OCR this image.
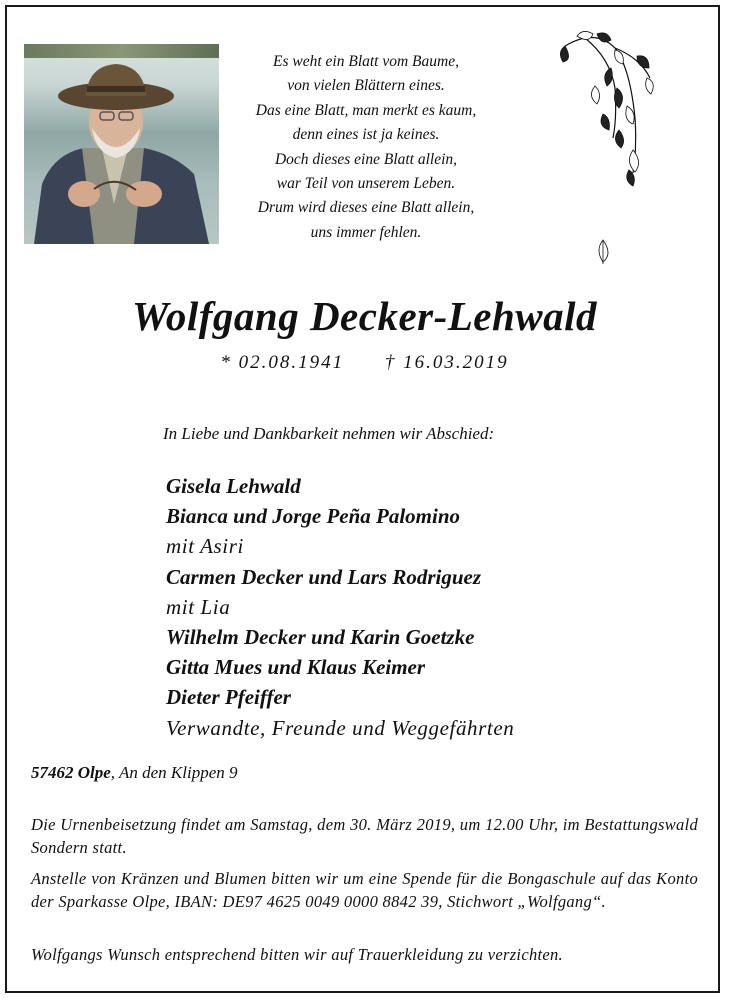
Es weht ein Blatt vom Baume,
von vielen Blättern eines.
Das eine Blatt, man merkt es kaum,
denn eines ist ja keines.
Doch dieses eine Blatt allein,
war Teil von unserem Leben.
Drum wird dieses eine Blatt allein,
uns immer fehlen.
Wolfgang Decker-Lehwald
* 02.08.1941 † 16.03.2019
In Liebe und Dankbarkeit nehmen wir Abschied:
Gisela Lehwald
Bianca und Jorge Peña Palomino
mit Asiri
Carmen Decker und Lars Rodriguez
mit Lia
Wilhelm Decker und Karin Goetzke
Gitta Mues und Klaus Keimer
Dieter Pfeiffer
Verwandte, Freunde und Weggefährten
57462 Olpe, An den Klippen 9
Die Urnenbeisetzung findet am Samstag, dem 30. März 2019, um 12.00 Uhr, im Bestattungswald Sondern statt.
Anstelle von Kränzen und Blumen bitten wir um eine Spende für die Bongaschule auf das Konto der Sparkasse Olpe, IBAN: DE97 4625 0049 0000 8842 39, Stichwort „Wolfgang“.
Wolfgangs Wunsch entsprechend bitten wir auf Trauerkleidung zu verzichten.
